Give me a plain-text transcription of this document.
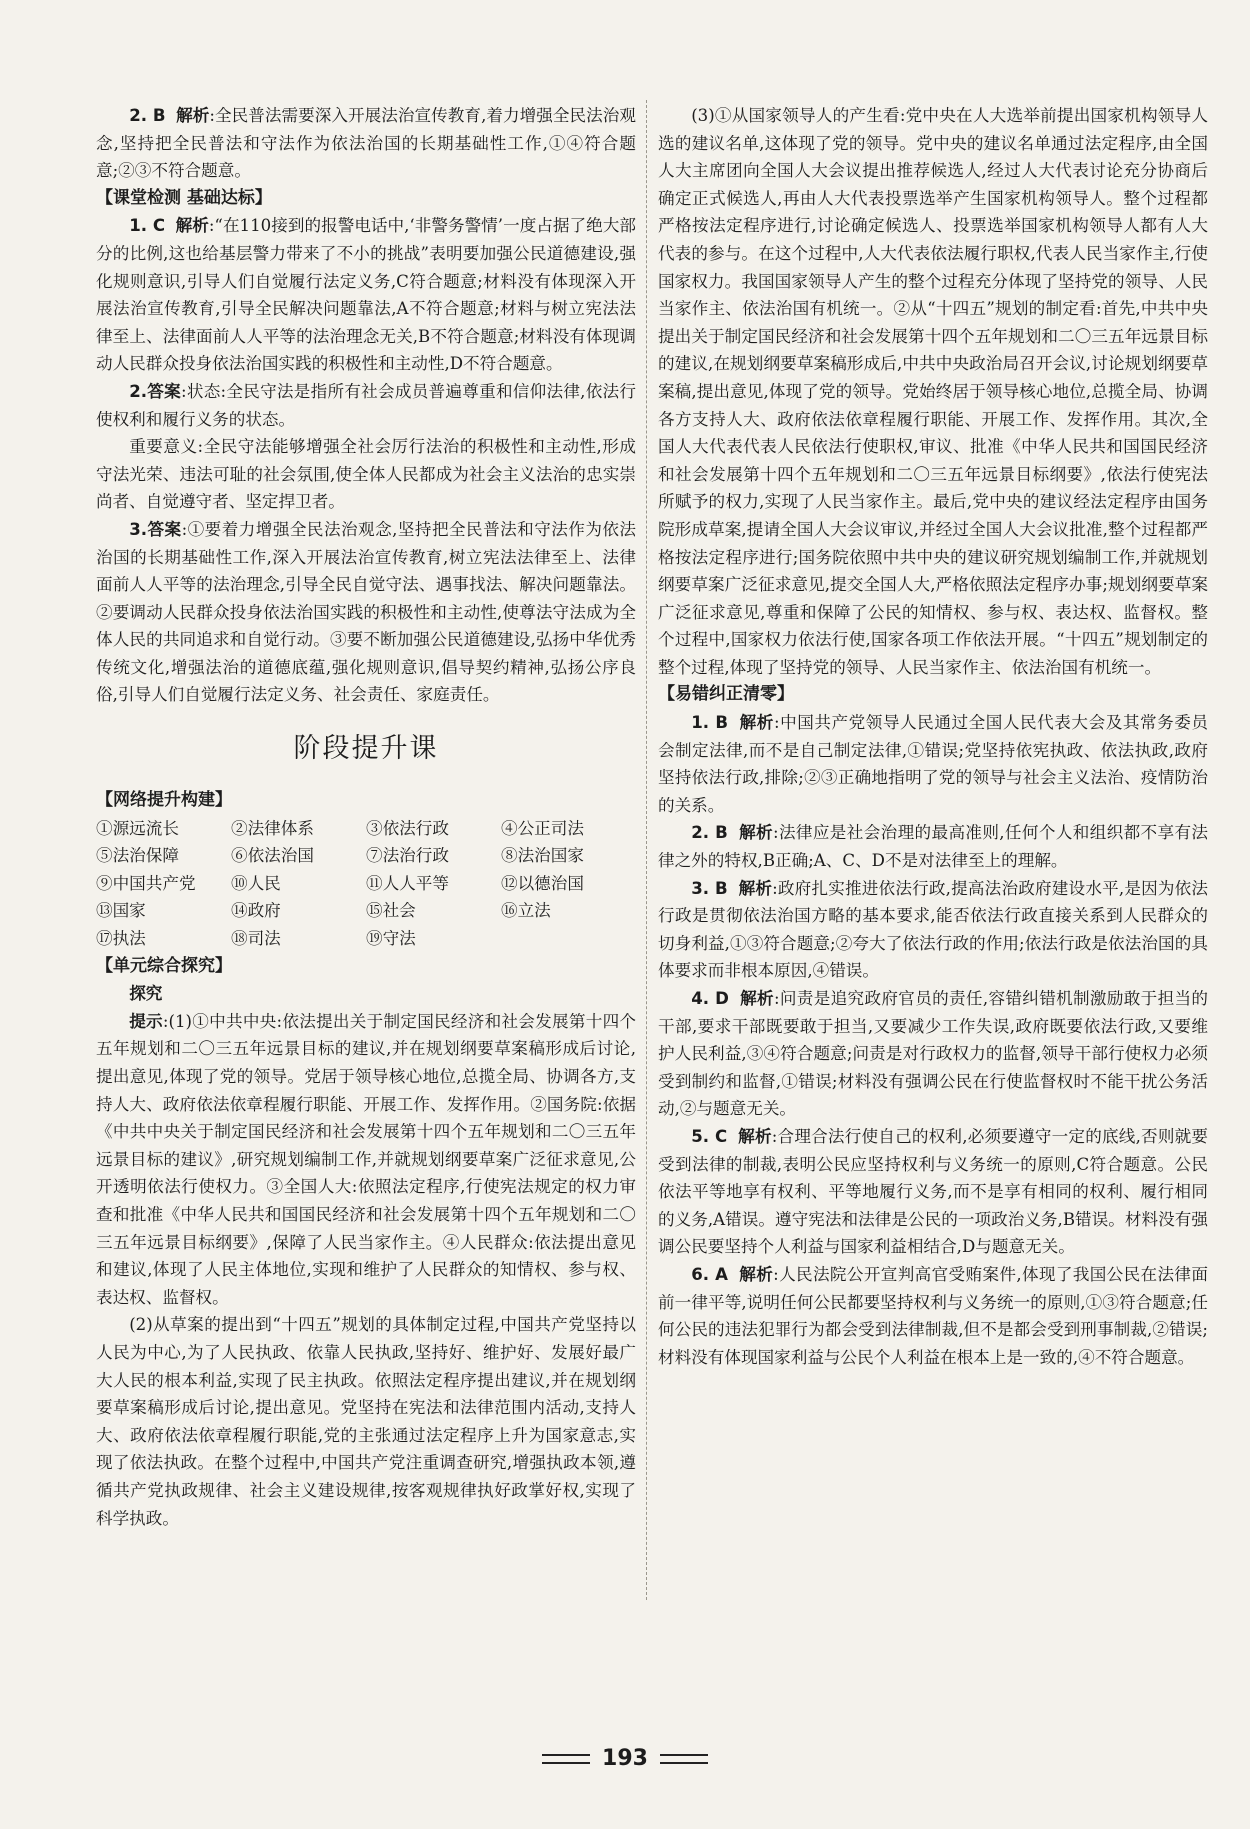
2. B 解析:全民普法需要深入开展法治宣传教育,着力增强全民法治观念,坚持把全民普法和守法作为依法治国的长期基础性工作,①④符合题意;②③不符合题意。

【课堂检测 基础达标】

1. C 解析:“在110接到的报警电话中,‘非警务警情’一度占据了绝大部分的比例,这也给基层警力带来了不小的挑战”表明要加强公民道德建设,强化规则意识,引导人们自觉履行法定义务,C符合题意;材料没有体现深入开展法治宣传教育,引导全民解决问题靠法,A不符合题意;材料与树立宪法法律至上、法律面前人人平等的法治理念无关,B不符合题意;材料没有体现调动人民群众投身依法治国实践的积极性和主动性,D不符合题意。

2.答案:状态:全民守法是指所有社会成员普遍尊重和信仰法律,依法行使权利和履行义务的状态。

重要意义:全民守法能够增强全社会厉行法治的积极性和主动性,形成守法光荣、违法可耻的社会氛围,使全体人民都成为社会主义法治的忠实崇尚者、自觉遵守者、坚定捍卫者。

3.答案:①要着力增强全民法治观念,坚持把全民普法和守法作为依法治国的长期基础性工作,深入开展法治宣传教育,树立宪法法律至上、法律面前人人平等的法治理念,引导全民自觉守法、遇事找法、解决问题靠法。②要调动人民群众投身依法治国实践的积极性和主动性,使尊法守法成为全体人民的共同追求和自觉行动。③要不断加强公民道德建设,弘扬中华优秀传统文化,增强法治的道德底蕴,强化规则意识,倡导契约精神,弘扬公序良俗,引导人们自觉履行法定义务、社会责任、家庭责任。

阶段提升课

【网络提升构建】

①源远流长	②法律体系	③依法行政	④公正司法
⑤法治保障	⑥依法治国	⑦法治行政	⑧法治国家
⑨中国共产党	⑩人民	⑪人人平等	⑫以德治国
⑬国家	⑭政府	⑮社会	⑯立法
⑰执法	⑱司法	⑲守法

【单元综合探究】

探究

提示:(1)①中共中央:依法提出关于制定国民经济和社会发展第十四个五年规划和二〇三五年远景目标的建议,并在规划纲要草案稿形成后讨论,提出意见,体现了党的领导。党居于领导核心地位,总揽全局、协调各方,支持人大、政府依法依章程履行职能、开展工作、发挥作用。②国务院:依据《中共中央关于制定国民经济和社会发展第十四个五年规划和二〇三五年远景目标的建议》,研究规划编制工作,并就规划纲要草案广泛征求意见,公开透明依法行使权力。③全国人大:依照法定程序,行使宪法规定的权力审查和批准《中华人民共和国国民经济和社会发展第十四个五年规划和二〇三五年远景目标纲要》,保障了人民当家作主。④人民群众:依法提出意见和建议,体现了人民主体地位,实现和维护了人民群众的知情权、参与权、表达权、监督权。

(2)从草案的提出到“十四五”规划的具体制定过程,中国共产党坚持以人民为中心,为了人民执政、依靠人民执政,坚持好、维护好、发展好最广大人民的根本利益,实现了民主执政。依照法定程序提出建议,并在规划纲要草案稿形成后讨论,提出意见。党坚持在宪法和法律范围内活动,支持人大、政府依法依章程履行职能,党的主张通过法定程序上升为国家意志,实现了依法执政。在整个过程中,中国共产党注重调查研究,增强执政本领,遵循共产党执政规律、社会主义建设规律,按客观规律执好政掌好权,实现了科学执政。

(3)①从国家领导人的产生看:党中央在人大选举前提出国家机构领导人选的建议名单,这体现了党的领导。党中央的建议名单通过法定程序,由全国人大主席团向全国人大会议提出推荐候选人,经过人大代表讨论充分协商后确定正式候选人,再由人大代表投票选举产生国家机构领导人。整个过程都严格按法定程序进行,讨论确定候选人、投票选举国家机构领导人都有人大代表的参与。在这个过程中,人大代表依法履行职权,代表人民当家作主,行使国家权力。我国国家领导人产生的整个过程充分体现了坚持党的领导、人民当家作主、依法治国有机统一。②从“十四五”规划的制定看:首先,中共中央提出关于制定国民经济和社会发展第十四个五年规划和二〇三五年远景目标的建议,在规划纲要草案稿形成后,中共中央政治局召开会议,讨论规划纲要草案稿,提出意见,体现了党的领导。党始终居于领导核心地位,总揽全局、协调各方支持人大、政府依法依章程履行职能、开展工作、发挥作用。其次,全国人大代表代表人民依法行使职权,审议、批准《中华人民共和国国民经济和社会发展第十四个五年规划和二〇三五年远景目标纲要》,依法行使宪法所赋予的权力,实现了人民当家作主。最后,党中央的建议经法定程序由国务院形成草案,提请全国人大会议审议,并经过全国人大会议批准,整个过程都严格按法定程序进行;国务院依照中共中央的建议研究规划编制工作,并就规划纲要草案广泛征求意见,提交全国人大,严格依照法定程序办事;规划纲要草案广泛征求意见,尊重和保障了公民的知情权、参与权、表达权、监督权。整个过程中,国家权力依法行使,国家各项工作依法开展。“十四五”规划制定的整个过程,体现了坚持党的领导、人民当家作主、依法治国有机统一。

【易错纠正清零】

1. B 解析:中国共产党领导人民通过全国人民代表大会及其常务委员会制定法律,而不是自己制定法律,①错误;党坚持依宪执政、依法执政,政府坚持依法行政,排除;②③正确地指明了党的领导与社会主义法治、疫情防治的关系。

2. B 解析:法律应是社会治理的最高准则,任何个人和组织都不享有法律之外的特权,B正确;A、C、D不是对法律至上的理解。

3. B 解析:政府扎实推进依法行政,提高法治政府建设水平,是因为依法行政是贯彻依法治国方略的基本要求,能否依法行政直接关系到人民群众的切身利益,①③符合题意;②夸大了依法行政的作用;依法行政是依法治国的具体要求而非根本原因,④错误。

4. D 解析:问责是追究政府官员的责任,容错纠错机制激励敢于担当的干部,要求干部既要敢于担当,又要减少工作失误,政府既要依法行政,又要维护人民利益,③④符合题意;问责是对行政权力的监督,领导干部行使权力必须受到制约和监督,①错误;材料没有强调公民在行使监督权时不能干扰公务活动,②与题意无关。

5. C 解析:合理合法行使自己的权利,必须要遵守一定的底线,否则就要受到法律的制裁,表明公民应坚持权利与义务统一的原则,C符合题意。公民依法平等地享有权利、平等地履行义务,而不是享有相同的权利、履行相同的义务,A错误。遵守宪法和法律是公民的一项政治义务,B错误。材料没有强调公民要坚持个人利益与国家利益相结合,D与题意无关。

6. A 解析:人民法院公开宣判高官受贿案件,体现了我国公民在法律面前一律平等,说明任何公民都要坚持权利与义务统一的原则,①③符合题意;任何公民的违法犯罪行为都会受到法律制裁,但不是都会受到刑事制裁,②错误;材料没有体现国家利益与公民个人利益在根本上是一致的,④不符合题意。

193
